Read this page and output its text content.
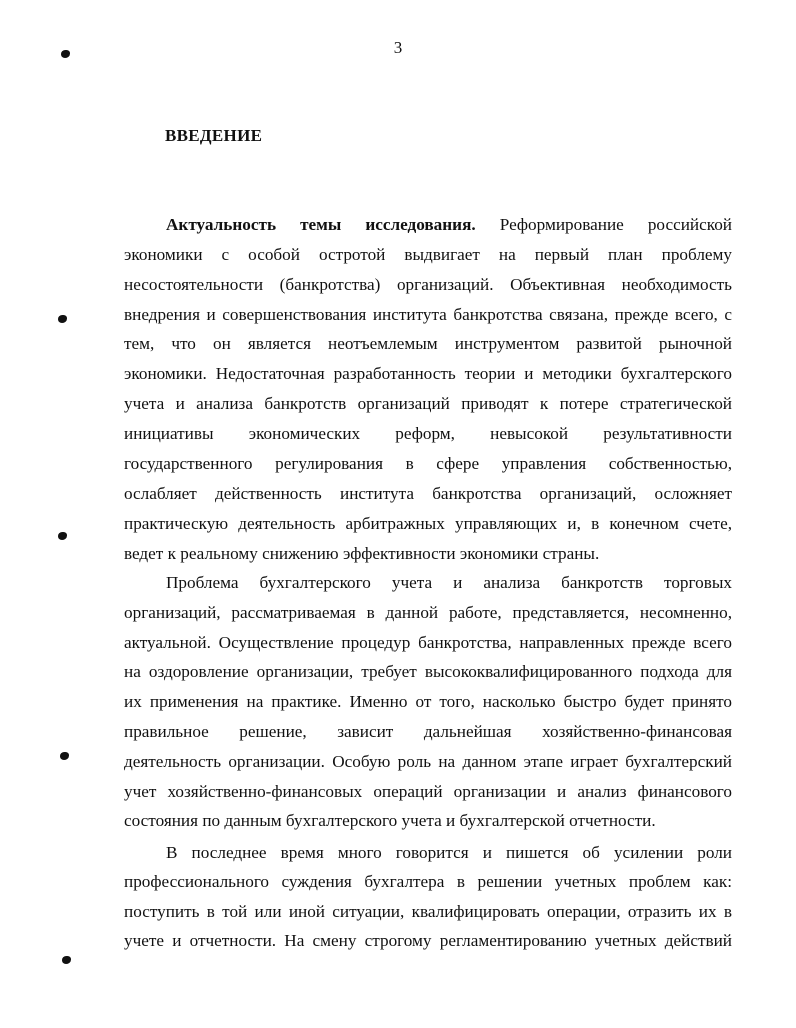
3
ВВЕДЕНИЕ
Актуальность темы исследования. Реформирование российской
экономики с особой остротой выдвигает на первый план проблему
несостоятельности (банкротства) организаций. Объективная необходимость
внедрения и совершенствования института банкротства связана, прежде всего, с
тем, что он является неотъемлемым инструментом развитой рыночной
экономики. Недостаточная разработанность теории и методики бухгалтерского
учета и анализа банкротств организаций приводят к потере стратегической
инициативы экономических реформ, невысокой результативности
государственного регулирования в сфере управления собственностью,
ослабляет действенность института банкротства организаций, осложняет
практическую деятельность арбитражных управляющих и, в конечном счете,
ведет к реальному снижению эффективности экономики страны.
Проблема бухгалтерского учета и анализа банкротств торговых
организаций, рассматриваемая в данной работе, представляется, несомненно,
актуальной. Осуществление процедур банкротства, направленных прежде всего
на оздоровление организации, требует высококвалифицированного подхода для
их применения на практике. Именно от того, насколько быстро будет принято
правильное решение, зависит дальнейшая хозяйственно-финансовая
деятельность организации. Особую роль на данном этапе играет бухгалтерский
учет хозяйственно-финансовых операций организации и анализ финансового
состояния по данным бухгалтерского учета и бухгалтерской отчетности.
В последнее время много говорится и пишется об усилении роли
профессионального суждения бухгалтера в решении учетных проблем как:
поступить в той или иной ситуации, квалифицировать операции, отразить их в
учете и отчетности. На смену строгому регламентированию учетных действий
